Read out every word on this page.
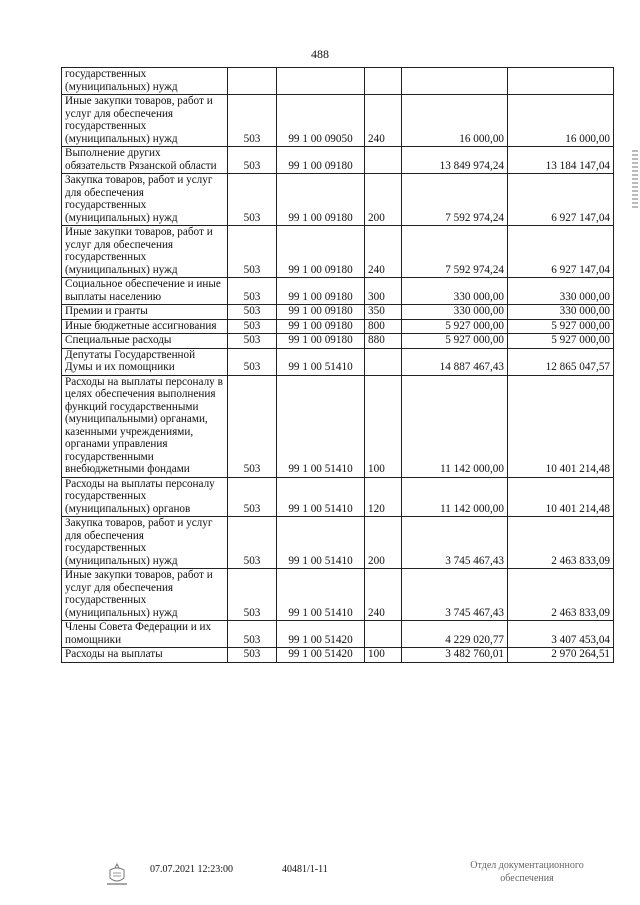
488
государственных (муниципальных) нужд					
Иные закупки товаров, работ и услуг для обеспечения государственных (муниципальных) нужд	503	99 1 00 09050	240	16 000,00	16 000,00
Выполнение других обязательств Рязанской области	503	99 1 00 09180		13 849 974,24	13 184 147,04
Закупка товаров, работ и услуг для обеспечения государственных (муниципальных) нужд	503	99 1 00 09180	200	7 592 974,24	6 927 147,04
Иные закупки товаров, работ и услуг для обеспечения государственных (муниципальных) нужд	503	99 1 00 09180	240	7 592 974,24	6 927 147,04
Социальное обеспечение и иные выплаты населению	503	99 1 00 09180	300	330 000,00	330 000,00
Премии и гранты	503	99 1 00 09180	350	330 000,00	330 000,00
Иные бюджетные ассигнования	503	99 1 00 09180	800	5 927 000,00	5 927 000,00
Специальные расходы	503	99 1 00 09180	880	5 927 000,00	5 927 000,00
Депутаты Государственной Думы и их помощники	503	99 1 00 51410		14 887 467,43	12 865 047,57
Расходы на выплаты персоналу в целях обеспечения выполнения функций государственными (муниципальными) органами, казенными учреждениями, органами управления государственными внебюджетными фондами	503	99 1 00 51410	100	11 142 000,00	10 401 214,48
Расходы на выплаты персоналу государственных (муниципальных) органов	503	99 1 00 51410	120	11 142 000,00	10 401 214,48
Закупка товаров, работ и услуг для обеспечения государственных (муниципальных) нужд	503	99 1 00 51410	200	3 745 467,43	2 463 833,09
Иные закупки товаров, работ и услуг для обеспечения государственных (муниципальных) нужд	503	99 1 00 51410	240	3 745 467,43	2 463 833,09
Члены Совета Федерации и их помощники	503	99 1 00 51420		4 229 020,77	3 407 453,04
Расходы на выплаты	503	99 1 00 51420	100	3 482 760,01	2 970 264,51
07.07.2021 12:23:00	40481/1-11	Отдел документационного
обеспечения
